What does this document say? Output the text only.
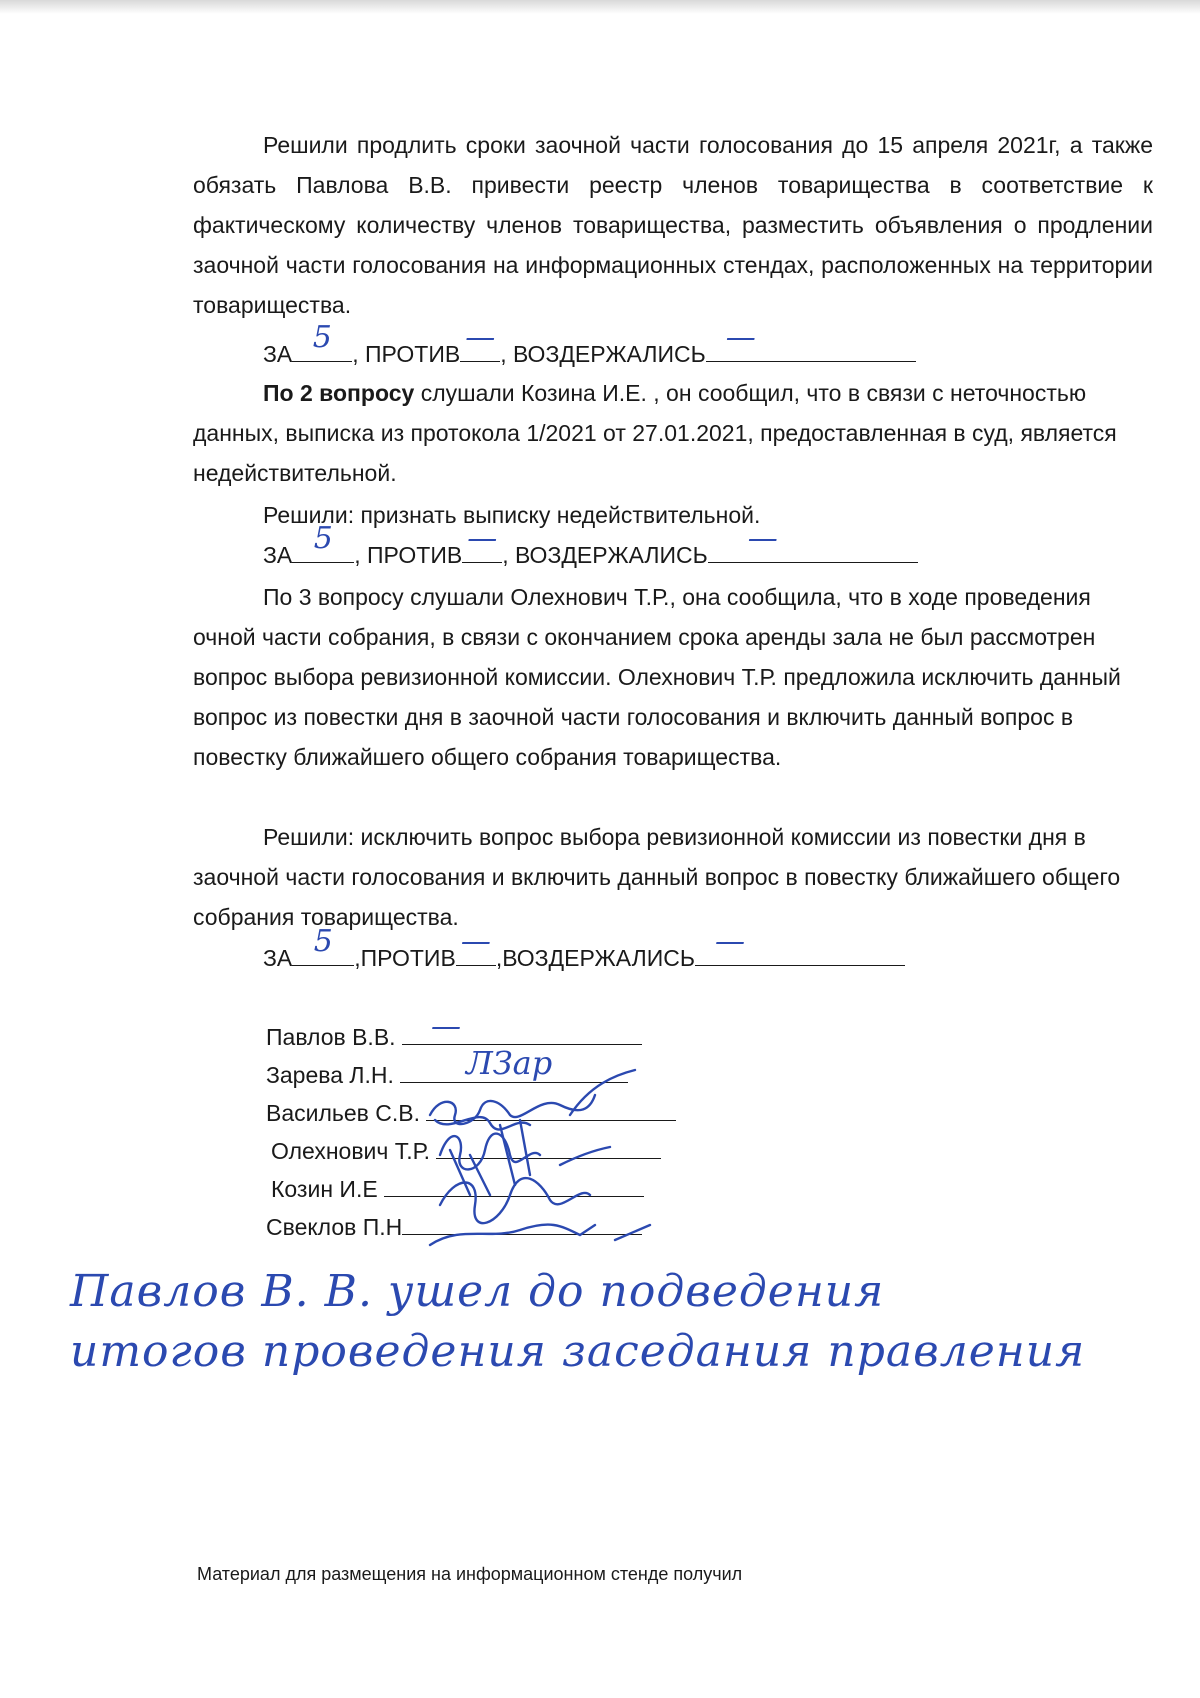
Решили продлить сроки заочной части голосования до 15 апреля 2021г, а также обязать Павлова В.В. привести реестр членов товарищества в соответствие к фактическому количеству членов товарищества, разместить объявления о продлении заочной части голосования на информационных стендах, расположенных на территории товарищества.

ЗА 5 , ПРОТИВ — , ВОЗДЕРЖАЛИСЬ —

По 2 вопросу слушали Козина И.Е. , он сообщил, что в связи с неточностью данных, выписка из протокола 1/2021 от 27.01.2021, предоставленная в суд, является недействительной.

Решили: признать выписку недействительной.

ЗА 5 , ПРОТИВ — , ВОЗДЕРЖАЛИСЬ —

По 3 вопросу слушали Олехнович Т.Р., она сообщила, что в ходе проведения очной части собрания, в связи с окончанием срока аренды зала не был рассмотрен вопрос выбора ревизионной комиссии. Олехнович Т.Р. предложила исключить данный вопрос из повестки дня в заочной части голосования и включить данный вопрос в повестку ближайшего общего собрания товарищества.

Решили: исключить вопрос выбора ревизионной комиссии из повестки дня в заочной части голосования и включить данный вопрос в повестку ближайшего общего собрания товарищества.

ЗА 5 ,ПРОТИВ — ,ВОЗДЕРЖАЛИСЬ —

Павлов В.В. —
Зарева Л.Н. ЛЗар
Васильев С.В.
Олехнович Т.Р.
Козин И.Е
Свеклов П.Н
Павлов В. В. ушел до подведения
итогов проведения заседания правления
Материал для размещения на информационном стенде получил
